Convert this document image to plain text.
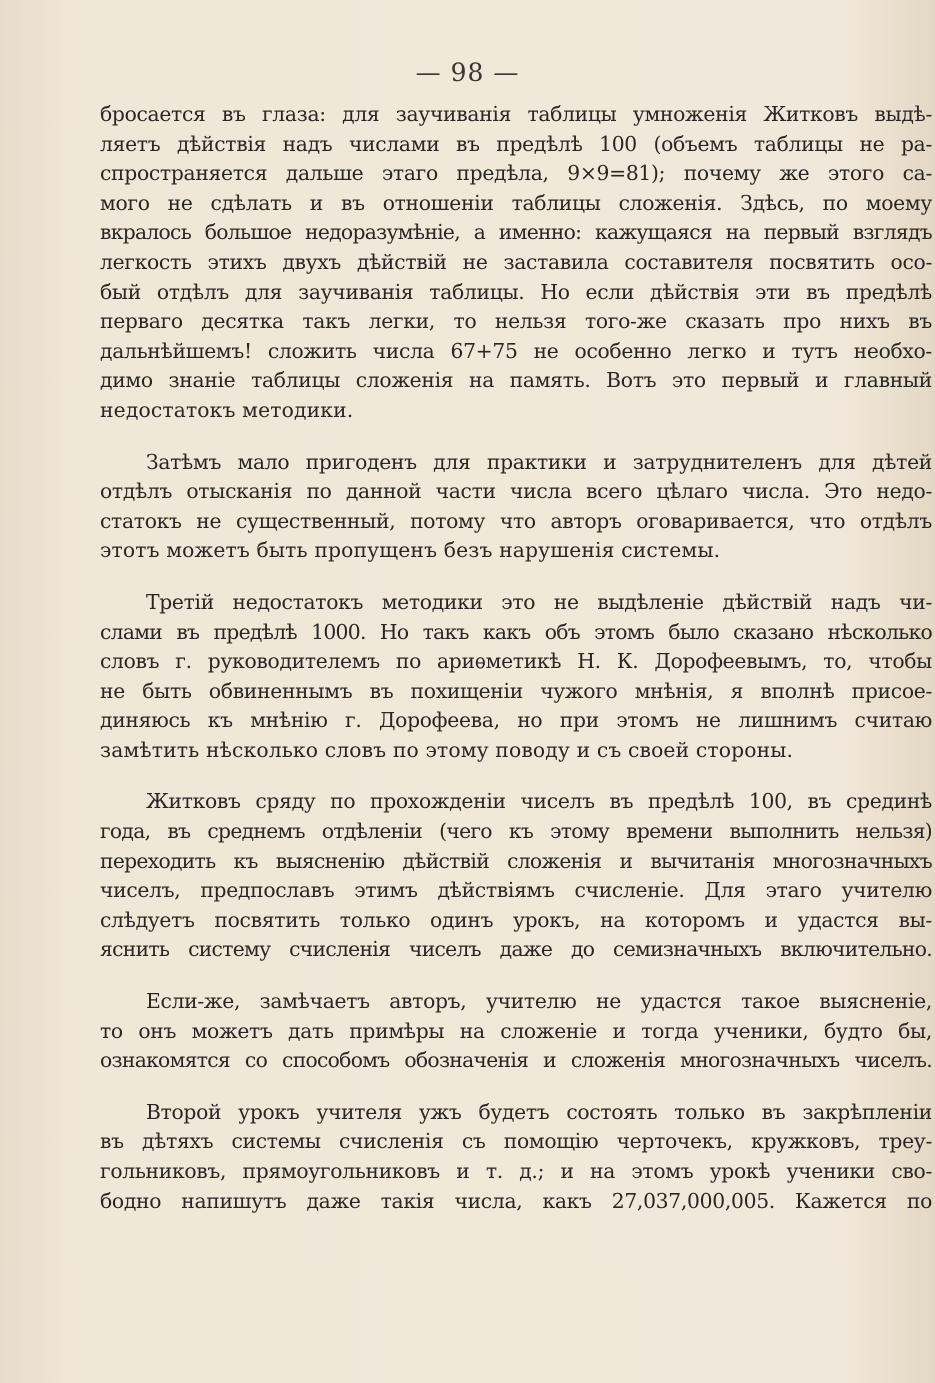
— 98 —
бросается въ глаза: для заучиванія таблицы умноженія Житковъ выдѣ-
ляетъ дѣйствія надъ числами въ предѣлѣ 100 (объемъ таблицы не ра-
спространяется дальше этаго предѣла, 9×9=81); почему же этого са-
мого не сдѣлать и въ отношеніи таблицы сложенія. Здѣсь, по моему
вкралось большое недоразумѣніе, а именно: кажущаяся на первый взглядъ
легкость этихъ двухъ дѣйствій не заставила составителя посвятить осо-
бый отдѣлъ для заучиванія таблицы. Но если дѣйствія эти въ предѣлѣ
перваго десятка такъ легки, то нельзя того-же сказать про нихъ въ
дальнѣйшемъ! сложить числа 67+75 не особенно легко и тутъ необхо-
димо знаніе таблицы сложенія на память. Вотъ это первый и главный
недостатокъ методики.
Затѣмъ мало пригоденъ для практики и затруднителенъ для дѣтей
отдѣлъ отысканія по данной части числа всего цѣлаго числа. Это недо-
статокъ не существенный, потому что авторъ оговаривается, что отдѣлъ
этотъ можетъ быть пропущенъ безъ нарушенія системы.
Третій недостатокъ методики это не выдѣленіе дѣйствій надъ чи-
слами въ предѣлѣ 1000. Но такъ какъ объ этомъ было сказано нѣсколько
словъ г. руководителемъ по ариѳметикѣ Н. К. Дорофеевымъ, то, чтобы
не быть обвиненнымъ въ похищеніи чужого мнѣнія, я вполнѣ присое-
диняюсь къ мнѣнію г. Дорофеева, но при этомъ не лишнимъ считаю
замѣтить нѣсколько словъ по этому поводу и съ своей стороны.
Житковъ сряду по прохожденіи чиселъ въ предѣлѣ 100, въ срединѣ
года, въ среднемъ отдѣленіи (чего къ этому времени выполнить нельзя)
переходить къ выясненію дѣйствій сложенія и вычитанія многозначныхъ
чиселъ, предпославъ этимъ дѣйствіямъ счисленіе. Для этаго учителю
слѣдуетъ посвятить только одинъ урокъ, на которомъ и удастся вы-
яснить систему счисленія чиселъ даже до семизначныхъ включительно.
Если-же, замѣчаетъ авторъ, учителю не удастся такое выясненіе,
то онъ можетъ дать примѣры на сложеніе и тогда ученики, будто бы,
ознакомятся со способомъ обозначенія и сложенія многозначныхъ чиселъ.
Второй урокъ учителя ужъ будетъ состоять только въ закрѣпленіи
въ дѣтяхъ системы счисленія съ помощію черточекъ, кружковъ, треу-
гольниковъ, прямоугольниковъ и т. д.; и на этомъ урокѣ ученики сво-
бодно напишутъ даже такія числа, какъ 27,037,000,005. Кажется по
